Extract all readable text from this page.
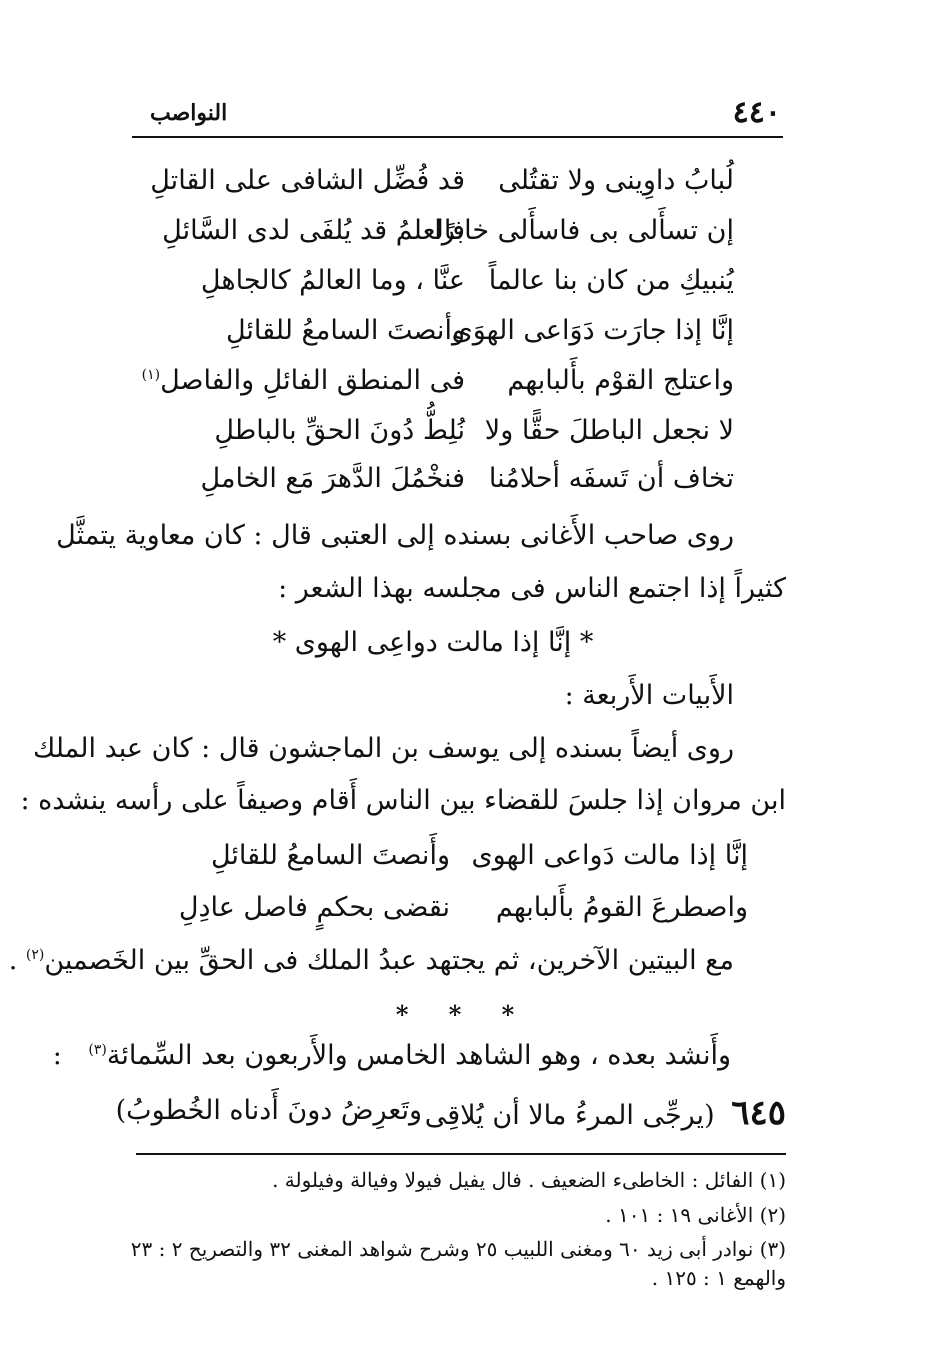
٤٤٠
النواصب
لُبابُ داوِينى ولا تقتُلى
قد فُضِّل الشافى على القاتلِ
إن تسأَلى بى فاسأَلى خابرًا
فالعلمُ قد يُلفَى لدى السَّائلِ
يُنبيكِ من كان بنا عالماً
عنَّا ، وما العالمُ كالجاهلِ
إنَّا إذا جارَت دَوَاعى الهوَى
وأنصتَ السامعُ للقائلِ
واعتلج القوْم بأَلبابهم
فى المنطق الفائلِ والفاصل$^{(١)}$
لا نجعل الباطلَ حقًّا ولا
نُلِطُّ دُونَ الحقِّ بالباطلِ
تخاف أن تَسفَه أحلامُنا
فنخْمُلَ الدَّهرَ مَع الخاملِ
روى صاحب الأَغانى بسنده إلى العتبى قال : كان معاوية يتمثَّل
كثيراً إذا اجتمع الناس فى مجلسه بهذا الشعر :
* إنَّا إذا مالت دواعِى الهوى *
الأَبيات الأَربعة :
روى أيضاً بسنده إلى يوسف بن الماجشون قال : كان عبد الملك
ابن مروان إذا جلسَ للقضاء بين الناس أَقام وصيفاً على رأسه ينشده :
إنَّا إذا مالت دَواعى الهوى
وأَنصتَ السامعُ للقائلِ
واصطرعَ القومُ بأَلبابهم
نقضى بحكمٍ فاصل عادِلِ
مع البيتين الآخرين، ثم يجتهد عبدُ الملك فى الحقِّ بين الخَصمين$^{(٢)}$ .
* * *
وأَنشد بعده ، وهو الشاهد الخامس والأَربعون بعد السِّمائة$^{(٣)}$ :
٦٤٥ (يرجِّى المرءُ مالا أن يُلاقِى
وتَعرِضُ دونَ أَدناه الخُطوبُ)
(١) الفائل : الخاطىء الضعيف . فال يفيل فيولا وفيالة وفيلولة .
(٢) الأغانى ١٩ : ١٠١ .
(٣) نوادر أبى زيد ٦٠ ومغنى اللبيب ٢٥ وشرح شواهد المغنى ٣٢ والتصريح ٢ : ٢٣
والهمع ١ : ١٢٥ .
